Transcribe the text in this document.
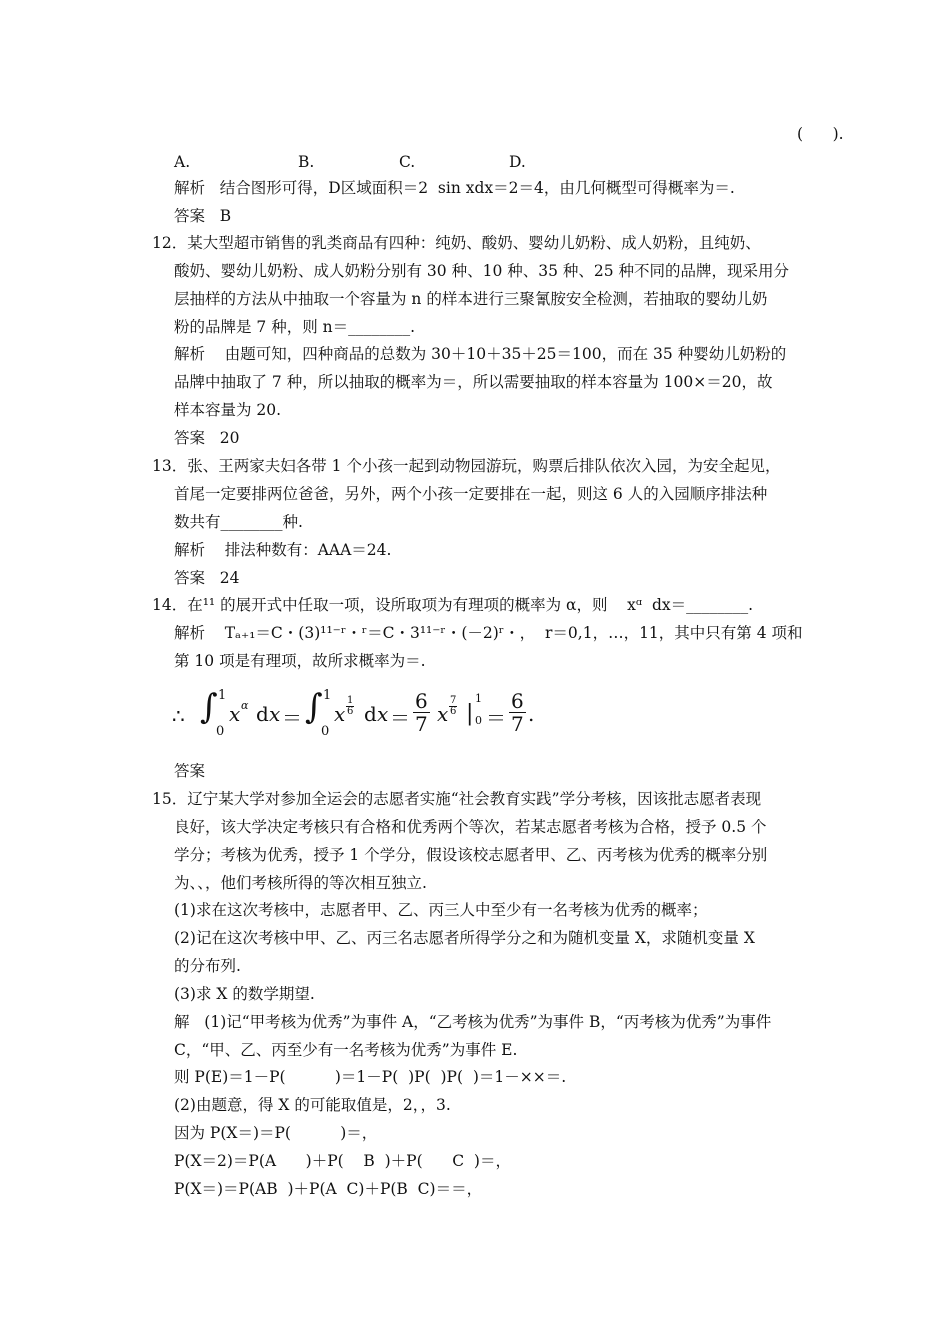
(      ).
A.	B.	C.	D.
解析   结合图形可得，D区域面积＝2  sin xdx＝2＝4，由几何概型可得概率为＝.
答案   B
12．某大型超市销售的乳类商品有四种：纯奶、酸奶、婴幼儿奶粉、成人奶粉，且纯奶、
酸奶、婴幼儿奶粉、成人奶粉分别有 30 种、10 种、35 种、25 种不同的品牌，现采用分
层抽样的方法从中抽取一个容量为 n 的样本进行三聚氰胺安全检测，若抽取的婴幼儿奶
粉的品牌是 7 种，则 n＝________.
解析    由题可知，四种商品的总数为 30＋10＋35＋25＝100，而在 35 种婴幼儿奶粉的
品牌中抽取了 7 种，所以抽取的概率为＝，所以需要抽取的样本容量为 100×＝20，故
样本容量为 20.
答案   20
13．张、王两家夫妇各带 1 个小孩一起到动物园游玩，购票后排队依次入园，为安全起见，
首尾一定要排两位爸爸，另外，两个小孩一定要排在一起，则这 6 人的入园顺序排法种
数共有________种.
解析    排法种数有：AAA＝24.
答案   24
14．在¹¹ 的展开式中任取一项，设所取项为有理项的概率为 α，则    xᵅ  dx＝________.
解析    Tₐ₊₁＝C・(3)¹¹⁻ʳ・ʳ＝C・3¹¹⁻ʳ・(－2)ʳ・，  r＝0,1，…，11，其中只有第 4 项和
第 10 项是有理项，故所求概率为＝.
∴ ∫ 1
0
x α d x ＝ ∫ 1
0
x $\frac{1}{6}$ d $x = \frac{6}{7}$ x $\frac{7}{6}$ |
1
$0 = \frac{6}{7}$ .
答案
15．辽宁某大学对参加全运会的志愿者实施“社会教育实践”学分考核，因该批志愿者表现
良好，该大学决定考核只有合格和优秀两个等次，若某志愿者考核为合格，授予 0.5 个
学分；考核为优秀，授予 1 个学分，假设该校志愿者甲、乙、丙考核为优秀的概率分别
为、、，他们考核所得的等次相互独立.
(1)求在这次考核中，志愿者甲、乙、丙三人中至少有一名考核为优秀的概率；
(2)记在这次考核中甲、乙、丙三名志愿者所得学分之和为随机变量 X，求随机变量 X
的分布列.
(3)求 X 的数学期望.
解   (1)记“甲考核为优秀”为事件 A，“乙考核为优秀”为事件 B，“丙考核为优秀”为事件
C，“甲、乙、丙至少有一名考核为优秀”为事件 E.
则 P(E)＝1－P(          )＝1－P(  )P(  )P(  )＝1－××＝.
(2)由题意，得 X 的可能取值是，2，，3.
因为 P(X＝)＝P(          )＝，
P(X＝2)＝P(A      )＋P(    B  )＋P(      C  )＝，
P(X＝)＝P(AB  )＋P(A  C)＋P(B  C)＝＝，
